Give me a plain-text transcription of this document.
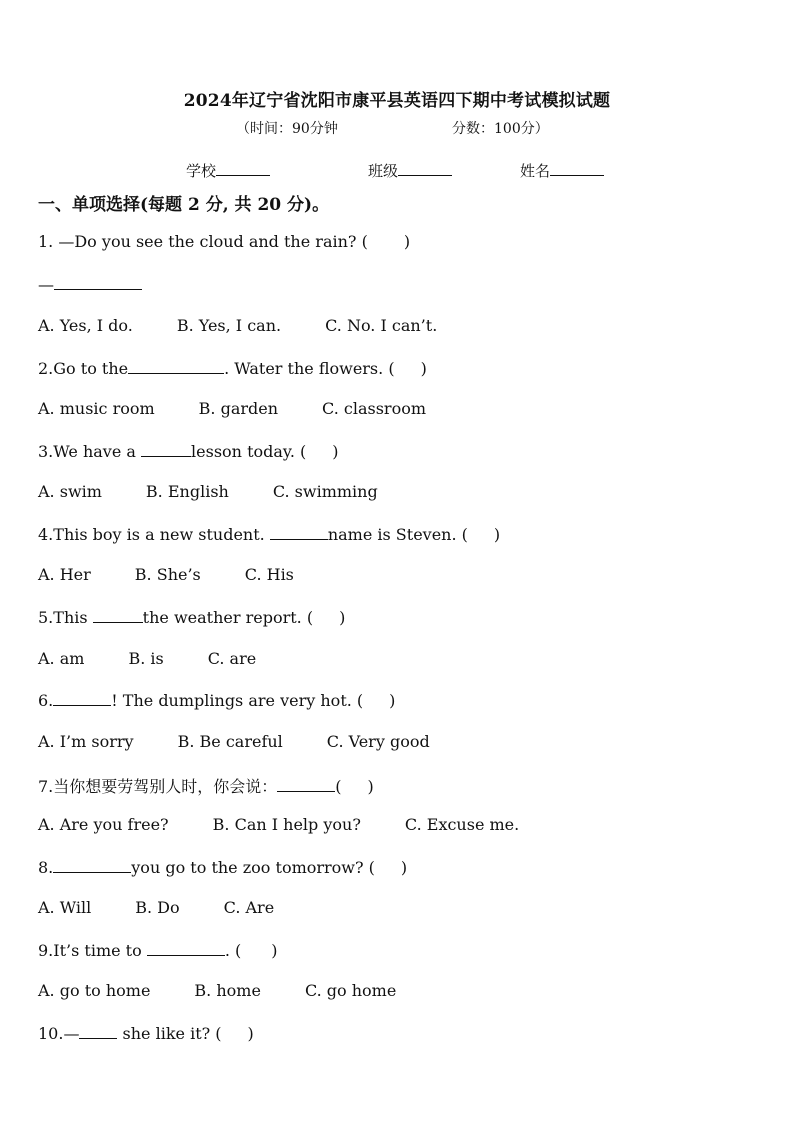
2024年辽宁省沈阳市康平县英语四下期中考试模拟试题
（时间：90分钟	分数：100分）
学校	班级	姓名
一、单项选择(每题 2 分, 共 20 分)。
1. —Do you see the cloud and the rain? ( )
—
A. Yes, I do.	B. Yes, I can.	C. No. I can’t.
2.Go to the	. Water the flowers. ( )
A. music room	B. garden	C. classroom
3.We have a	lesson today. ( )
A. swim	B. English	C. swimming
4.This boy is a new student.	name is Steven. ( )
A. Her	B. She’s	C. His
5.This	the weather report. ( )
A. am	B. is	C. are
6.	! The dumplings are very hot. ( )
A. I’m sorry	B. Be careful	C. Very good
7.当你想要劳驾别人时，你会说：	( )
A. Are you free?	B. Can I help you?	C. Excuse me.
8.	you go to the zoo tomorrow? ( )
A. Will	B. Do	C. Are
9.It’s time to	. ( )
A. go to home	B. home	C. go home
10.— she like it? ( )
